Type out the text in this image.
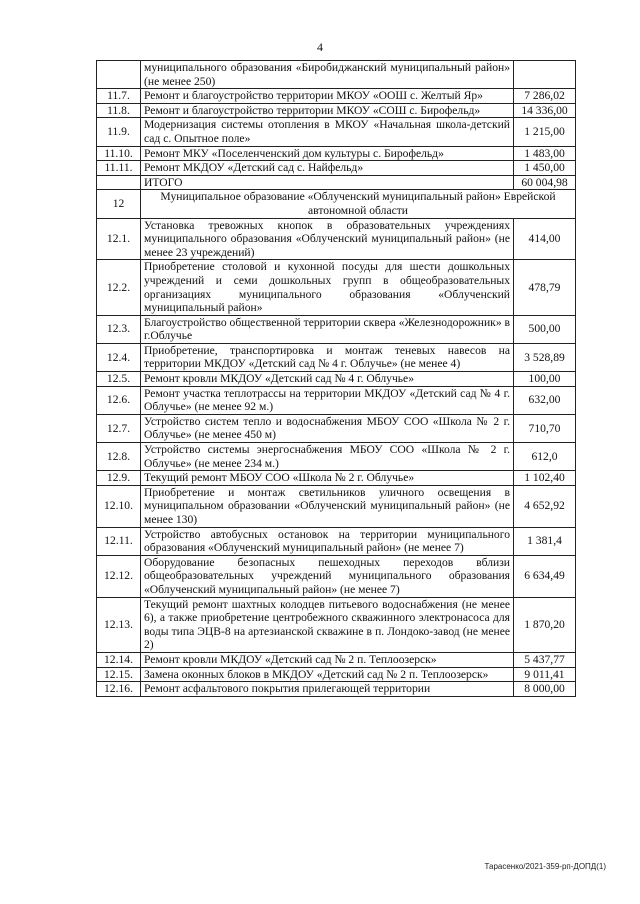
4
	муниципального образования «Биробиджанский муниципальный район» (не менее 250)	
11.7.	Ремонт и благоустройство территории МКОУ «ООШ с. Желтый Яр»	7 286,02
11.8.	Ремонт и благоустройство территории МКОУ «СОШ с. Бирофельд»	14 336,00
11.9.	Модернизация системы отопления в МКОУ «Начальная школа-детский сад с. Опытное поле»	1 215,00
11.10.	Ремонт МКУ «Поселенченский дом культуры с. Бирофельд»	1 483,00
11.11.	Ремонт МКДОУ «Детский сад с. Найфельд»	1 450,00
	ИТОГО	60 004,98
12	Муниципальное образование «Облученский муниципальный район» Еврейской автономной области	
12.1.	Установка тревожных кнопок в образовательных учреждениях муниципального образования «Облученский муниципальный район» (не менее 23 учреждений)	414,00
12.2.	Приобретение столовой и кухонной посуды для шести дошкольных учреждений и семи дошкольных групп в общеобразовательных организациях муниципального образования «Облученский муниципальный район»	478,79
12.3.	Благоустройство общественной территории сквера «Железнодорожник» в г.Облучье	500,00
12.4.	Приобретение, транспортировка и монтаж теневых навесов на территории МКДОУ «Детский сад № 4 г. Облучье» (не менее 4)	3 528,89
12.5.	Ремонт кровли МКДОУ «Детский сад № 4 г. Облучье»	100,00
12.6.	Ремонт участка теплотрассы на территории МКДОУ «Детский сад № 4 г. Облучье» (не менее 92 м.)	632,00
12.7.	Устройство систем тепло и водоснабжения МБОУ СОО «Школа № 2 г. Облучье» (не менее 450 м)	710,70
12.8.	Устройство системы энергоснабжения МБОУ СОО «Школа № 2 г. Облучье» (не менее 234 м.)	612,0
12.9.	Текущий ремонт МБОУ СОО «Школа № 2 г. Облучье»	1 102,40
12.10.	Приобретение и монтаж светильников уличного освещения в муниципальном образовании «Облученский муниципальный район» (не менее 130)	4 652,92
12.11.	Устройство автобусных остановок на территории муниципального образования «Облученский муниципальный район» (не менее 7)	1 381,4
12.12.	Оборудование безопасных пешеходных переходов вблизи общеобразовательных учреждений муниципального образования «Облученский муниципальный район» (не менее 7)	6 634,49
12.13.	Текущий ремонт шахтных колодцев питьевого водоснабжения (не менее 6), а также приобретение центробежного скважинного электронасоса для воды типа ЭЦВ-8 на артезианской скважине в п. Лондоко-завод (не менее 2)	1 870,20
12.14.	Ремонт кровли МКДОУ «Детский сад № 2 п. Теплоозерск»	5 437,77
12.15.	Замена оконных блоков в МКДОУ «Детский сад № 2 п. Теплоозерск»	9 011,41
12.16.	Ремонт асфальтового покрытия прилегающей территории	8 000,00
Тарасенко/2021-359-рп-ДОПД(1)
